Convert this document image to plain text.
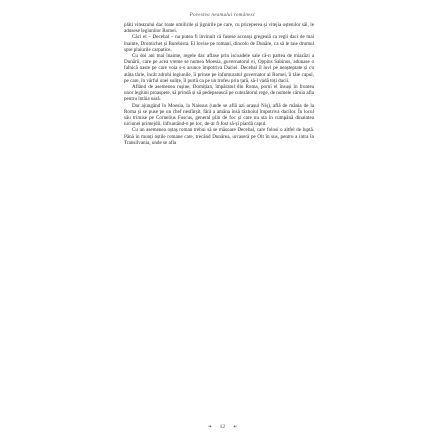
Povestea neamului românesc

plăti viteazului dac toate umilirile și jignirile pe care, cu priceperea și vitejia oștenilor săi, le adusese legiunilor Romei.

Căci el – Decebal – nu putea fi învinuit că fusese acceași gregeală ca regii daci de mai înainte, Dromichet și Burebista. El lovise pe romani, dincolo de Dunăre, ca să le taie drumul spre plaiurile carpatice.

Cu doi ani mai înainte, regele dac aflase prin iscoadele sale că-n partea de miazăzi a Dunării, care pe acea vreme se numea Moesia, guvernatorul ei, Oppius Sabinus, adunase o falnică oaste pe care voia s-o arunce împotriva Daciei. Decebal îl lovi pe neașteptate și cu atâta tărie, încât zdrobi legiunile, îi prinse pe înfumuratul guvernator al Romei, îi tăie capul, pe care, în vârful unei sulițe, îl purtă ca pe un trofeu prin țară, să-l vadă toți dacii.

Aflând de asemenea rușine, Domițian, împăratul din Roma, porni el însuși în fruntea unor legiuni proaspete, să prindă și să pedepsească pe cutezătorul rege, de numele căruia afla pentru întâia oară.

Dar ajungând în Moesia, la Naissus (unde se află azi orașul Niș), află de mânia de la Roma și se puse pe un chef nesfârșit, fără a amâna însă războiul împotriva dacilor. În locul său trimise pe Cornelius Fuscus, general plin de foc și care nu sta în cumpănă dinaintea niciunei primejdii, înfruntând-o pe loc, de-ar fi fost să-și piardă capul.

Cu un asemenea oștaș roman trebui să se măsoare Decebal, care folosi o altfel de luptă. Până în munți oștile romane care, trecând Dunărea, urcaseră pe Olt în sus, pentru a intra în Transilvania, unde se afla

❧ 12 ☙
